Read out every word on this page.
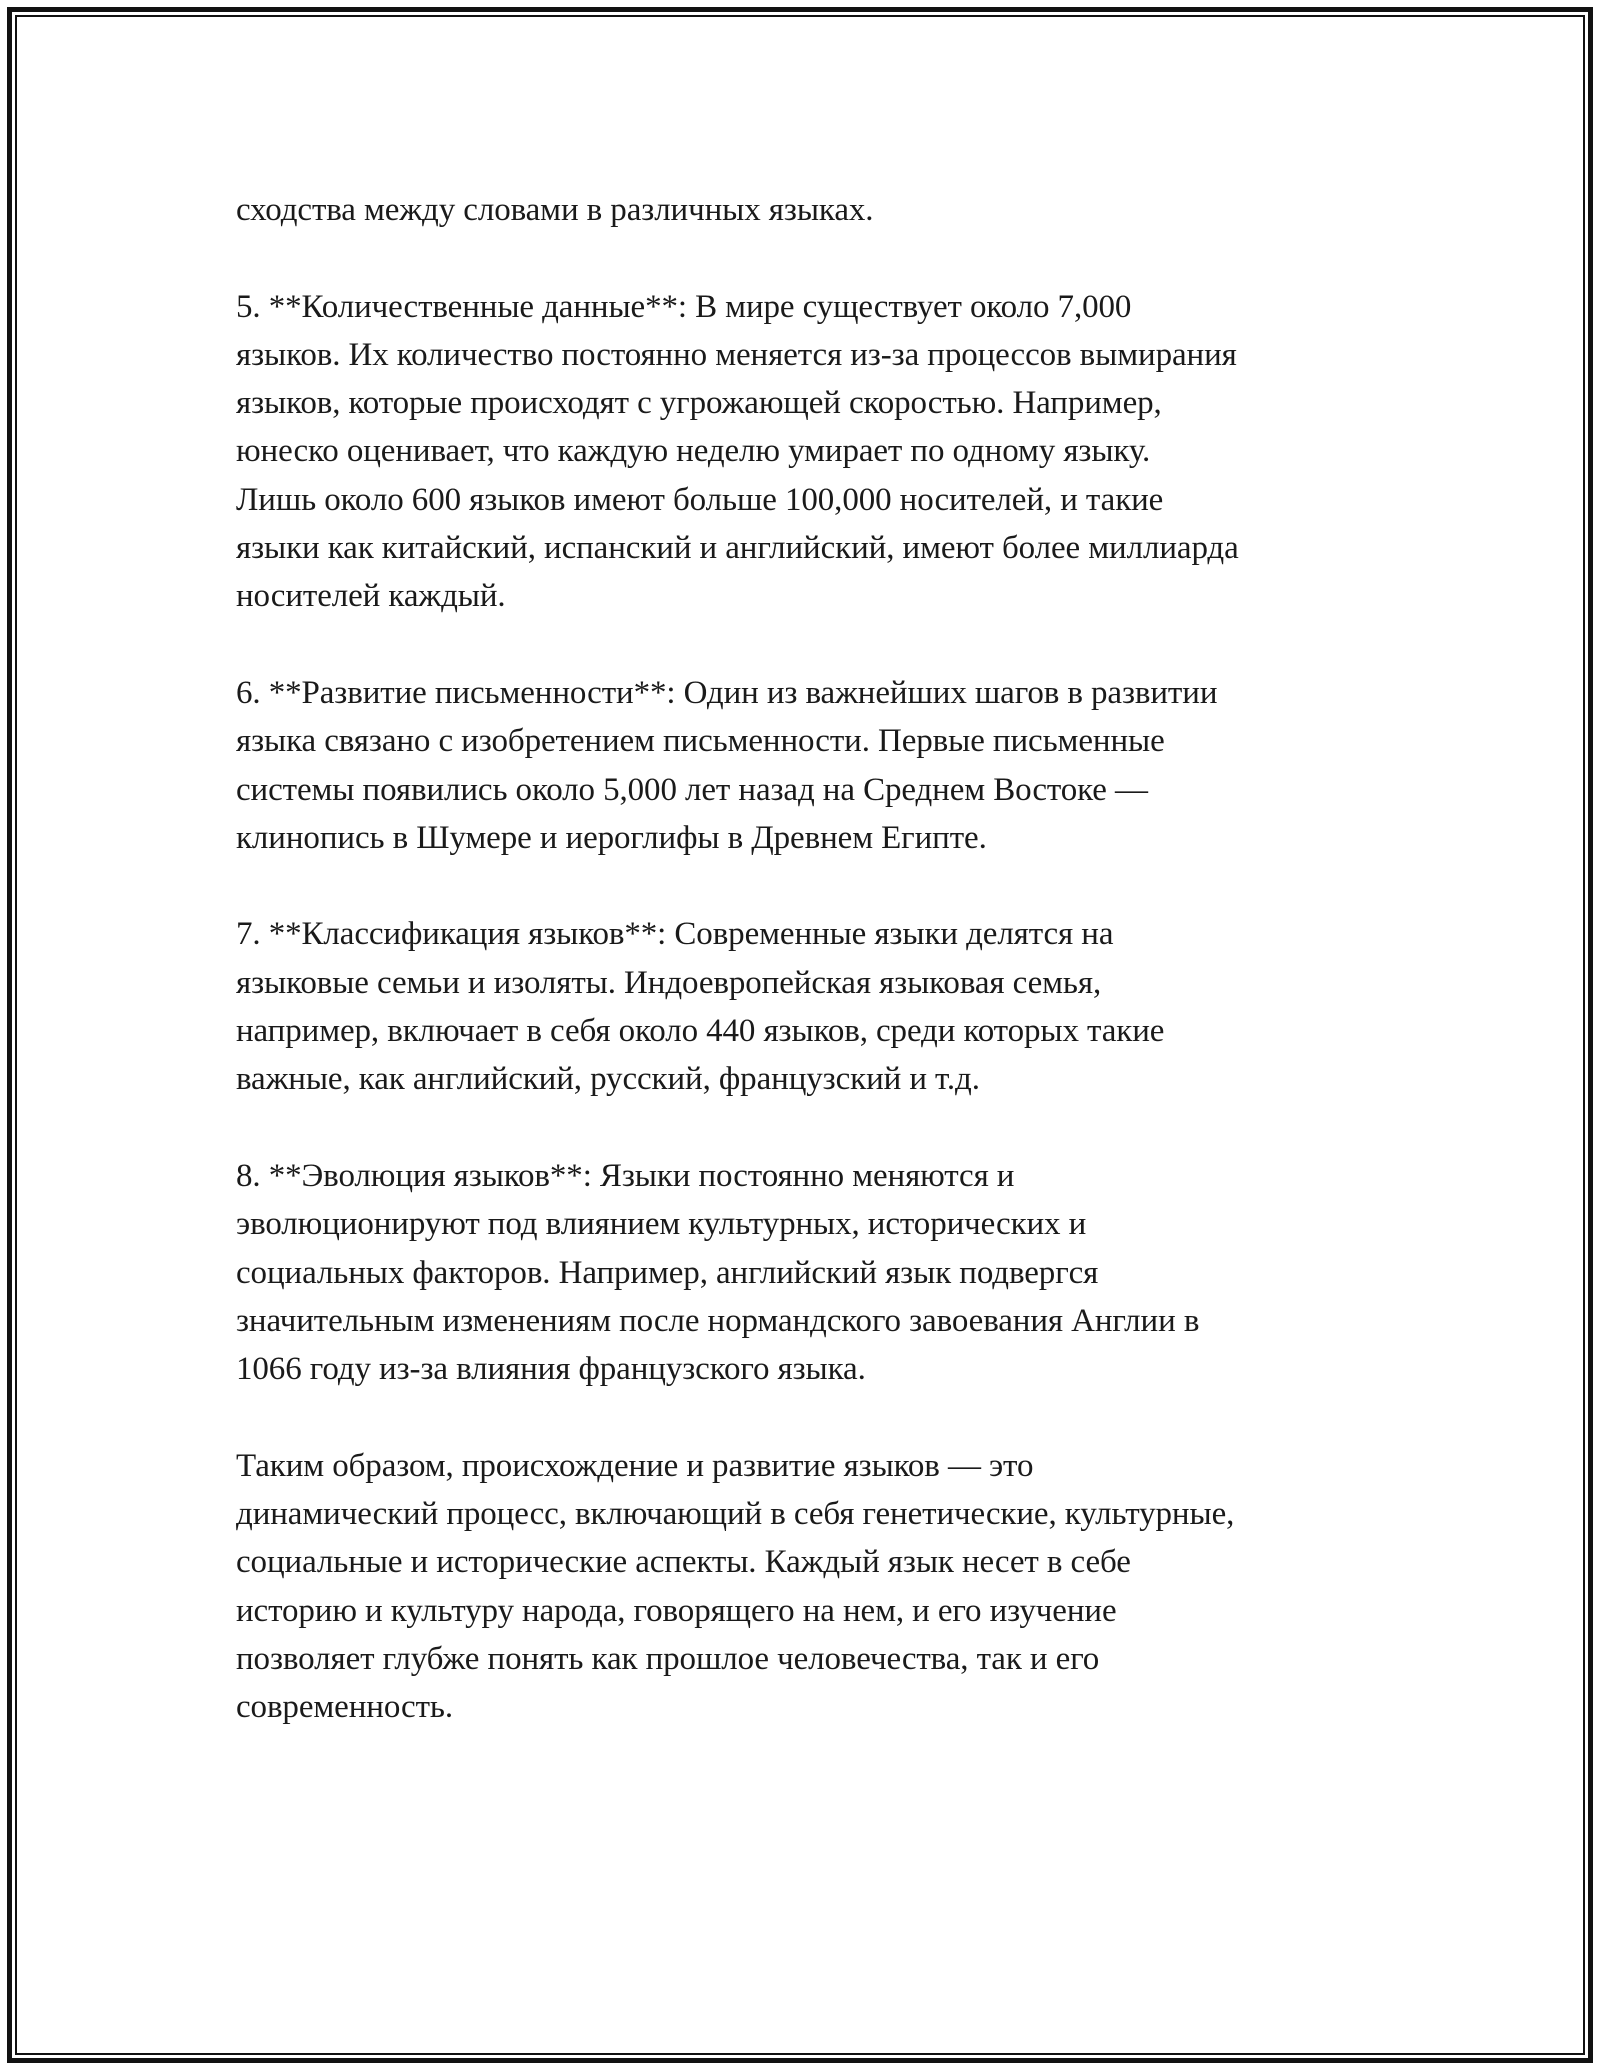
сходства между словами в различных языках.

5. **Количественные данные**: В мире существует около 7,000
языков. Их количество постоянно меняется из-за процессов вымирания
языков, которые происходят с угрожающей скоростью. Например,
юнеско оценивает, что каждую неделю умирает по одному языку.
Лишь около 600 языков имеют больше 100,000 носителей, и такие
языки как китайский, испанский и английский, имеют более миллиарда
носителей каждый.

6. **Развитие письменности**: Один из важнейших шагов в развитии
языка связано с изобретением письменности. Первые письменные
системы появились около 5,000 лет назад на Среднем Востоке —
клинопись в Шумере и иероглифы в Древнем Египте.

7. **Классификация языков**: Современные языки делятся на
языковые семьи и изоляты. Индоевропейская языковая семья,
например, включает в себя около 440 языков, среди которых такие
важные, как английский, русский, французский и т.д.

8. **Эволюция языков**: Языки постоянно меняются и
эволюционируют под влиянием культурных, исторических и
социальных факторов. Например, английский язык подвергся
значительным изменениям после нормандского завоевания Англии в
1066 году из-за влияния французского языка.

Таким образом, происхождение и развитие языков — это
динамический процесс, включающий в себя генетические, культурные,
социальные и исторические аспекты. Каждый язык несет в себе
историю и культуру народа, говорящего на нем, и его изучение
позволяет глубже понять как прошлое человечества, так и его
современность.
